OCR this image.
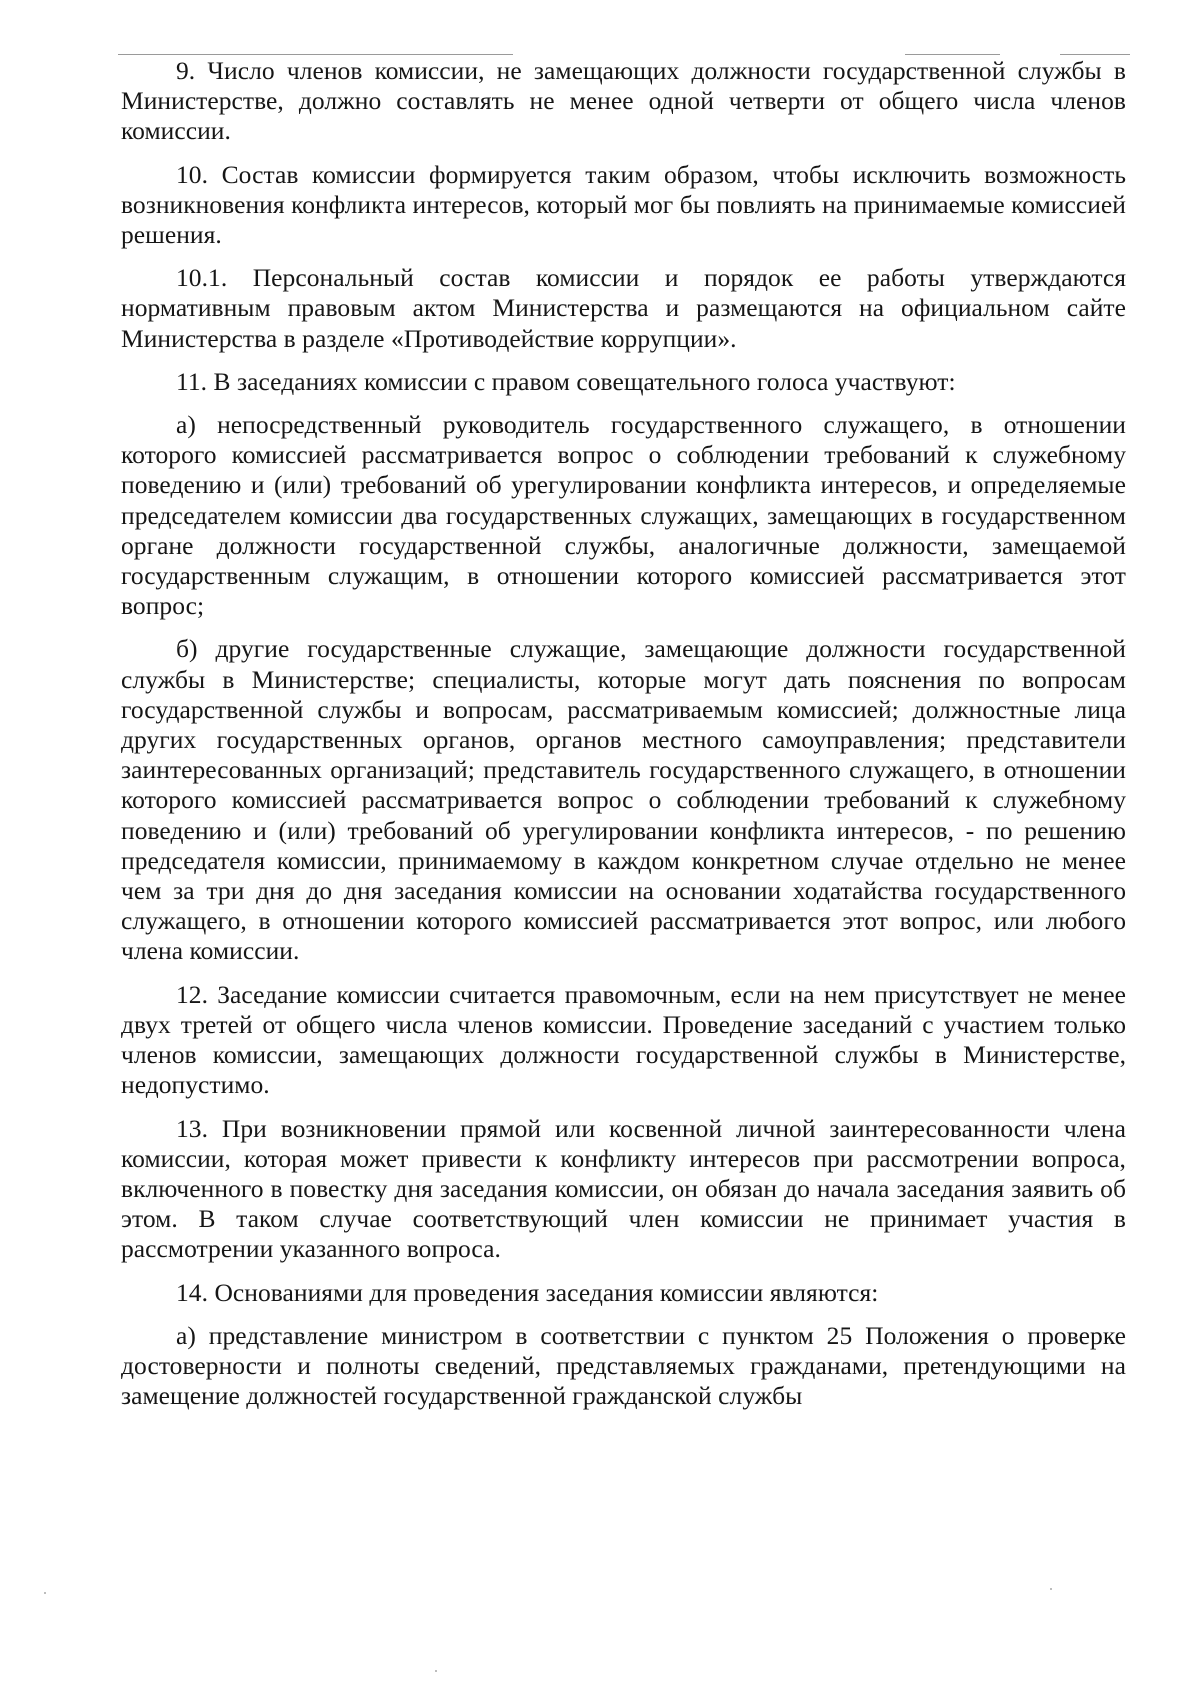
9. Число членов комиссии, не замещающих должности государственной службы в Министерстве, должно составлять не менее одной четверти от общего числа членов комиссии.

10. Состав комиссии формируется таким образом, чтобы исключить возможность возникновения конфликта интересов, который мог бы повлиять на принимаемые комиссией решения.

10.1. Персональный состав комиссии и порядок ее работы утверждаются нормативным правовым актом Министерства и размещаются на официальном сайте Министерства в разделе «Противодействие коррупции».

11. В заседаниях комиссии с правом совещательного голоса участвуют:

а) непосредственный руководитель государственного служащего, в отношении которого комиссией рассматривается вопрос о соблюдении требований к служебному поведению и (или) требований об урегулировании конфликта интересов, и определяемые председателем комиссии два государственных служащих, замещающих в государственном органе должности государственной службы, аналогичные должности, замещаемой государственным служащим, в отношении которого комиссией рассматривается этот вопрос;

б) другие государственные служащие, замещающие должности государственной службы в Министерстве; специалисты, которые могут дать пояснения по вопросам государственной службы и вопросам, рассматриваемым комиссией; должностные лица других государственных органов, органов местного самоуправления; представители заинтересованных организаций; представитель государственного служащего, в отношении которого комиссией рассматривается вопрос о соблюдении требований к служебному поведению и (или) требований об урегулировании конфликта интересов, - по решению председателя комиссии, принимаемому в каждом конкретном случае отдельно не менее чем за три дня до дня заседания комиссии на основании ходатайства государственного служащего, в отношении которого комиссией рассматривается этот вопрос, или любого члена комиссии.

12. Заседание комиссии считается правомочным, если на нем присутствует не менее двух третей от общего числа членов комиссии. Проведение заседаний с участием только членов комиссии, замещающих должности государственной службы в Министерстве, недопустимо.

13. При возникновении прямой или косвенной личной заинтересованности члена комиссии, которая может привести к конфликту интересов при рассмотрении вопроса, включенного в повестку дня заседания комиссии, он обязан до начала заседания заявить об этом. В таком случае соответствующий член комиссии не принимает участия в рассмотрении указанного вопроса.

14. Основаниями для проведения заседания комиссии являются:

а) представление министром в соответствии с пунктом 25 Положения о проверке достоверности и полноты сведений, представляемых гражданами, претендующими на замещение должностей государственной гражданской службы
